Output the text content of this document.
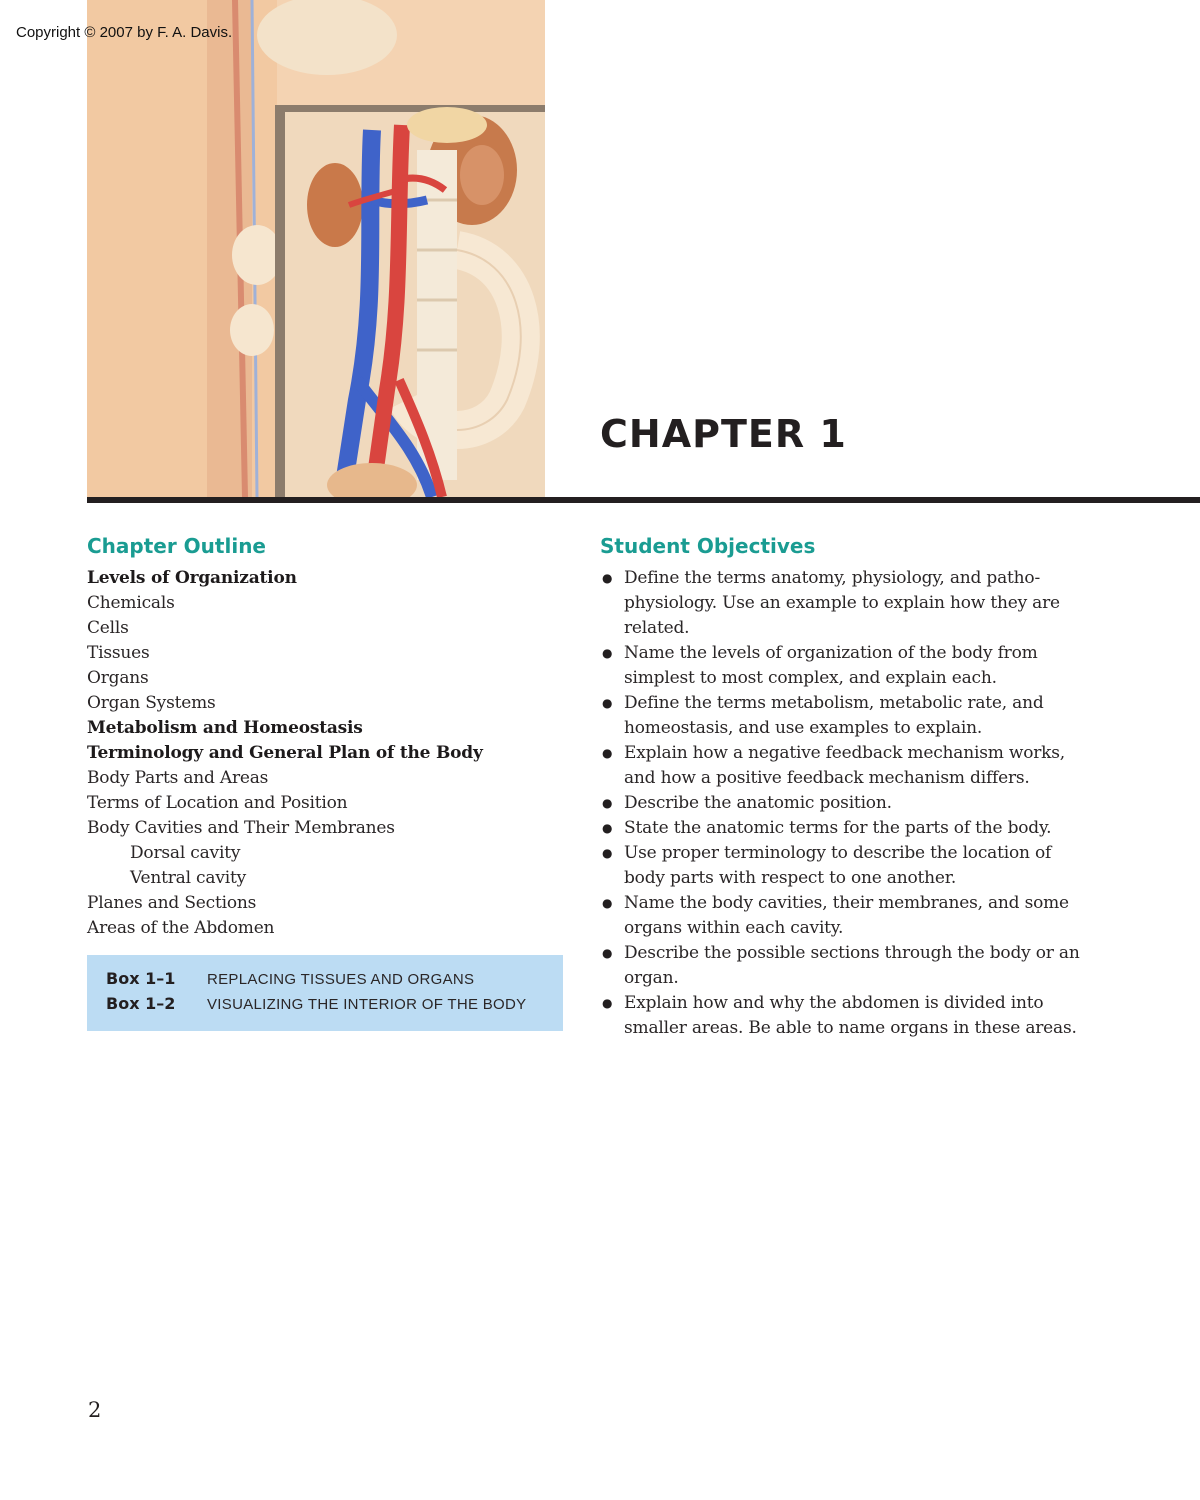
Copyright © 2007 by F. A. Davis.
CHAPTER 1
Chapter Outline
Levels of Organization
Chemicals
Cells
Tissues
Organs
Organ Systems
Metabolism and Homeostasis
Terminology and General Plan of the Body
Body Parts and Areas
Terms of Location and Position
Body Cavities and Their Membranes
Dorsal cavity
Ventral cavity
Planes and Sections
Areas of the Abdomen
Box 1–1 REPLACING TISSUES AND ORGANS
Box 1–2 VISUALIZING THE INTERIOR OF THE BODY
Student Objectives
● Define the terms anatomy, physiology, and patho- physiology. Use an example to explain how they are related.
● Name the levels of organization of the body from simplest to most complex, and explain each.
● Define the terms metabolism, metabolic rate, and homeostasis, and use examples to explain.
● Explain how a negative feedback mechanism works, and how a positive feedback mechanism differs.
● Describe the anatomic position.
● State the anatomic terms for the parts of the body.
● Use proper terminology to describe the location of body parts with respect to one another.
● Name the body cavities, their membranes, and some organs within each cavity.
● Describe the possible sections through the body or an organ.
● Explain how and why the abdomen is divided into smaller areas. Be able to name organs in these areas.
2
